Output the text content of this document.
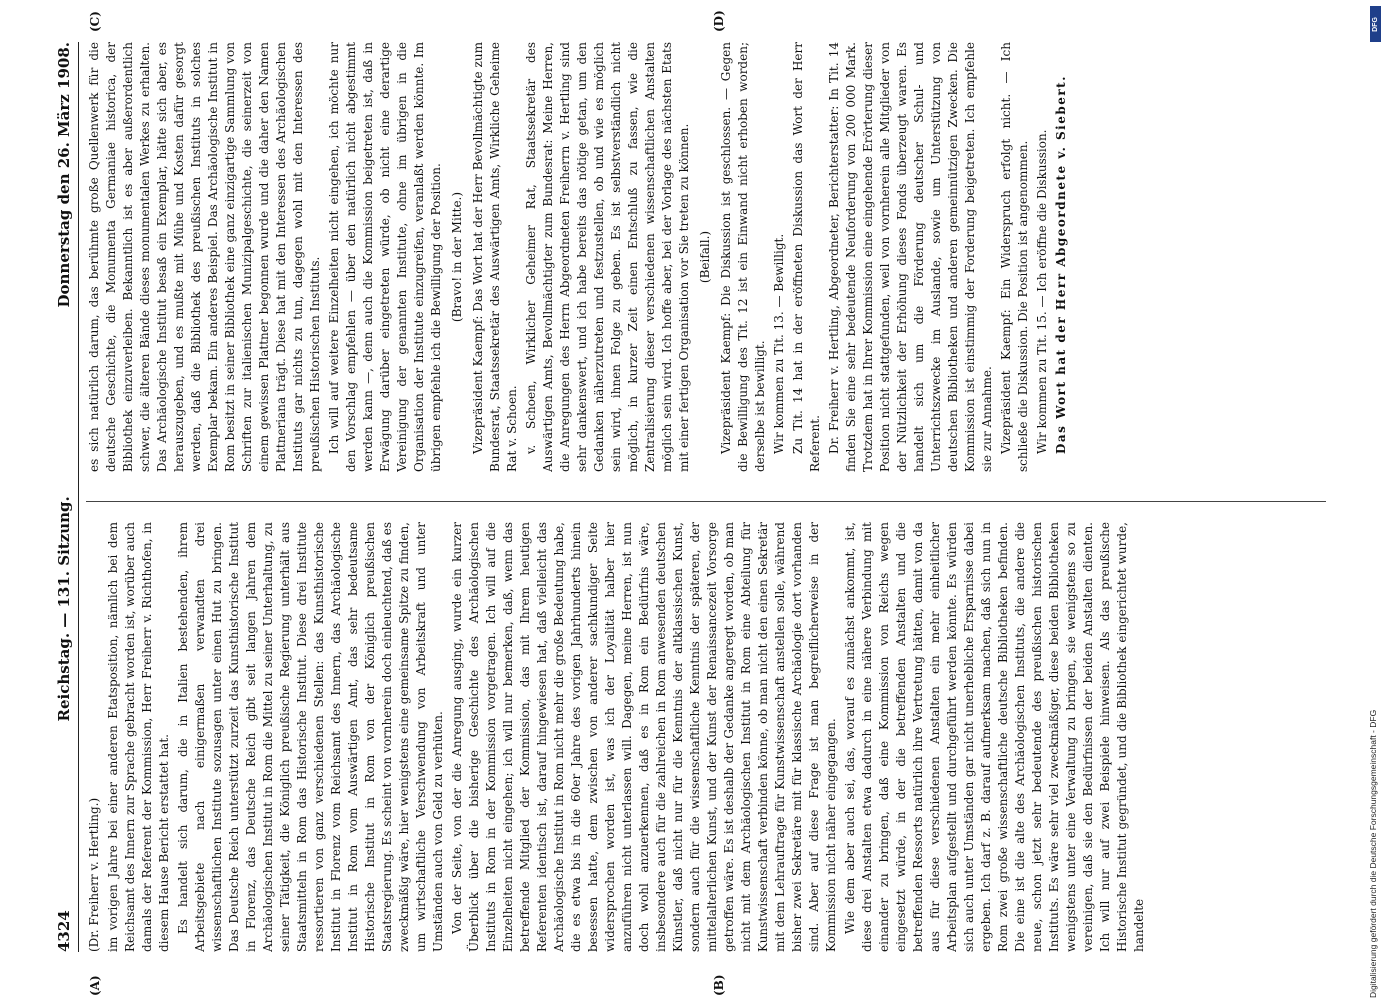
4324
Reichstag. — 131. Sitzung.
Donnerstag den 26. März 1908.
(A)	(B)
(C)	(D)

(Dr. Freiherr v. Hertling.) im vorigen Jahre bei einer anderen Etatsposition, nämlich bei dem Reichsamt des Innern zur Sprache gebracht worden ist, worüber auch damals der Referent der Kommission, Herr Freiherr v. Richthofen, in diesem Hause Bericht erstattet hat. Es handelt sich darum, die in Italien bestehenden, ihrem Arbeitsgebiete nach einigermaßen verwandten drei wissenschaftlichen Institute sozusagen unter einen Hut zu bringen. Das Deutsche Reich unterstützt zurzeit das Kunsthistorische Institut in Florenz, das Deutsche Reich gibt seit langen Jahren dem Archäologischen Institut in Rom die Mittel zu seiner Unterhaltung, zu seiner Tätigkeit, die Königlich preußische Regierung unterhält aus Staatsmitteln in Rom das Historische Institut. Diese drei Institute ressortieren von ganz verschiedenen Stellen: das Kunsthistorische Institut in Florenz vom Reichsamt des Innern, das Archäologische Institut in Rom vom Auswärtigen Amt, das sehr bedeutsame Historische Institut in Rom von der Königlich preußischen Staatsregierung. Es scheint von vornherein doch einleuchtend, daß es zweckmäßig wäre, hier wenigstens eine gemeinsame Spitze zu finden, um wirtschaftliche Verschwendung von Arbeitskraft und unter Umständen auch von Geld zu verhüten. Von der Seite, von der die Anregung ausging, wurde ein kurzer Überblick über die bisherige Geschichte des Archäologischen Instituts in Rom in der Kommission vorgetragen. Ich will auf die Einzelheiten nicht eingehen; ich will nur bemerken, daß, wenn das betreffende Mitglied der Kommission, das mit Ihrem heutigen Referenten identisch ist, darauf hingewiesen hat, daß vielleicht das Archäologische Institut in Rom nicht mehr die große Bedeutung habe, die es etwa bis in die 60er Jahre des vorigen Jahrhunderts hinein besessen hatte, dem zwischen von anderer sachkundiger Seite widersprochen worden ist, was ich der Loyalität halber hier anzuführen nicht unterlassen will. Dagegen, meine Herren, ist nun doch wohl anzuerkennen, daß es in Rom ein Bedürfnis wäre, insbesondere auch für die zahlreichen in Rom anwesenden deutschen Künstler, daß nicht nur für die Kenntnis der altklassischen Kunst, sondern auch für die wissenschaftliche Kenntnis der späteren, der mittelalterlichen Kunst, und der Kunst der Renaissancezeit Vorsorge getroffen wäre. Es ist deshalb der Gedanke angeregt worden, ob man nicht mit dem Archäologischen Institut in Rom eine Abteilung für Kunstwissenschaft verbinden könne, ob man nicht den einen Sekretär mit dem Lehrauftrage für Kunstwissenschaft anstellen solle, während bisher zwei Sekretäre mit für klassische Archäologie dort vorhanden sind. Aber auf diese Frage ist man begreiflicherweise in der Kommission nicht näher eingegangen. Wie dem aber auch sei, das, worauf es zunächst ankommt, ist, diese drei Anstalten etwa dadurch in eine nähere Verbindung mit einander zu bringen, daß eine Kommission von Reichs wegen eingesetzt würde, in der die betreffenden Anstalten und die betreffenden Ressorts natürlich ihre Vertretung hätten, damit von da aus für diese verschiedenen Anstalten ein mehr einheitlicher Arbeitsplan aufgestellt und durchgeführt werden könnte. Es würden sich auch unter Umständen gar nicht unerhebliche Ersparnisse dabei ergeben. Ich darf z. B. darauf aufmerksam machen, daß sich nun in Rom zwei große wissenschaftliche deutsche Bibliotheken befinden. Die eine ist die alte des Archäologischen Instituts, die andere die neue, schon jetzt sehr bedeutende des preußischen historischen Instituts. Es wäre sehr viel zweckmäßiger, diese beiden Bibliotheken wenigstens unter eine Verwaltung zu bringen, sie wenigstens so zu vereinigen, daß sie den Bedürfnissen der beiden Anstalten dienten. Ich will nur auf zwei Beispiele hinweisen. Als das preußische Historische Institut gegründet, und die Bibliothek eingerichtet wurde, handelte

es sich natürlich darum, das berühmte große Quellenwerk für die deutsche Geschichte, die Monumenta Germaniae historica, der Bibliothek einzuverleiben. Bekanntlich ist es aber außerordentlich schwer, die älteren Bände dieses monumentalen Werkes zu erhalten. Das Archäologische Institut besaß ein Exemplar, hätte sich aber, es herauszugeben, und es mußte mit Mühe und Kosten dafür gesorgt werden, daß die Bibliothek des preußischen Instituts in solches Exemplar bekam. Ein anderes Beispiel. Das Archäologische Institut in Rom besitzt in seiner Bibliothek eine ganz einzigartige Sammlung von Schriften zur italienischen Munizipalgeschichte, die seinerzeit von einem gewissen Plattner begonnen wurde und die daher den Namen Plattneriana trägt. Diese hat mit den Interessen des Archäologischen Instituts gar nichts zu tun, dagegen wohl mit den Interessen des preußischen Historischen Instituts. Ich will auf weitere Einzelheiten nicht eingehen, ich möchte nur den Vorschlag empfehlen — über den natürlich nicht abgestimmt werden kann —, denn auch die Kommission beigetreten ist, daß in Erwägung darüber eingetreten würde, ob nicht eine derartige Vereinigung der genannten Institute, ohne im übrigen in die Organisation der Institute einzugreifen, veranlaßt werden könnte. Im übrigen empfehle ich die Bewilligung der Position. (Bravo! in der Mitte.) Vizepräsident Kaempf: Das Wort hat der Herr Bevollmächtigte zum Bundesrat, Staatssekretär des Auswärtigen Amts, Wirkliche Geheime Rat v. Schoen. v. Schoen, Wirklicher Geheimer Rat, Staatssekretär des Auswärtigen Amts, Bevollmächtigter zum Bundesrat: Meine Herren, die Anregungen des Herrn Abgeordneten Freiherrn v. Hertling sind sehr dankenswert, und ich habe bereits das nötige getan, um den Gedanken näherzutreten und festzustellen, ob und wie es möglich sein wird, ihnen Folge zu geben. Es ist selbstverständlich nicht möglich, in kurzer Zeit einen Entschluß zu fassen, wie die Zentralisierung dieser verschiedenen wissenschaftlichen Anstalten möglich sein wird. Ich hoffe aber, bei der Vorlage des nächsten Etats mit einer fertigen Organisation vor Sie treten zu können. (Beifall.) Vizepräsident Kaempf: Die Diskussion ist geschlossen. — Gegen die Bewilligung des Tit. 12 ist ein Einwand nicht erhoben worden; derselbe ist bewilligt. Wir kommen zu Tit. 13. — Bewilligt. Zu Tit. 14 hat in der eröffneten Diskussion das Wort der Herr Referent. Dr. Freiherr v. Hertling, Abgeordneter, Berichterstatter: In Tit. 14 finden Sie eine sehr bedeutende Neuforderung von 200 000 Mark. Trotzdem hat in Ihrer Kommission eine eingehende Erörterung dieser Position nicht stattgefunden, weil von vornherein alle Mitglieder von der Nützlichkeit der Erhöhung dieses Fonds überzeugt waren. Es handelt sich um die Förderung deutscher Schul- und Unterrichtszwecke im Auslande, sowie um Unterstützung von deutschen Bibliotheken und anderen gemeinnützigen Zwecken. Die Kommission ist einstimmig der Forderung beigetreten. Ich empfehle sie zur Annahme. Vizepräsident Kaempf: Ein Widerspruch erfolgt nicht. — Ich schließe die Diskussion. Die Position ist angenommen. Wir kommen zu Tit. 15. — Ich eröffne die Diskussion. Das Wort hat der Herr Abgeordnete v. Siebert.

DFG
Digitalisierung gefördert durch die Deutsche Forschungsgemeinschaft - DFG
